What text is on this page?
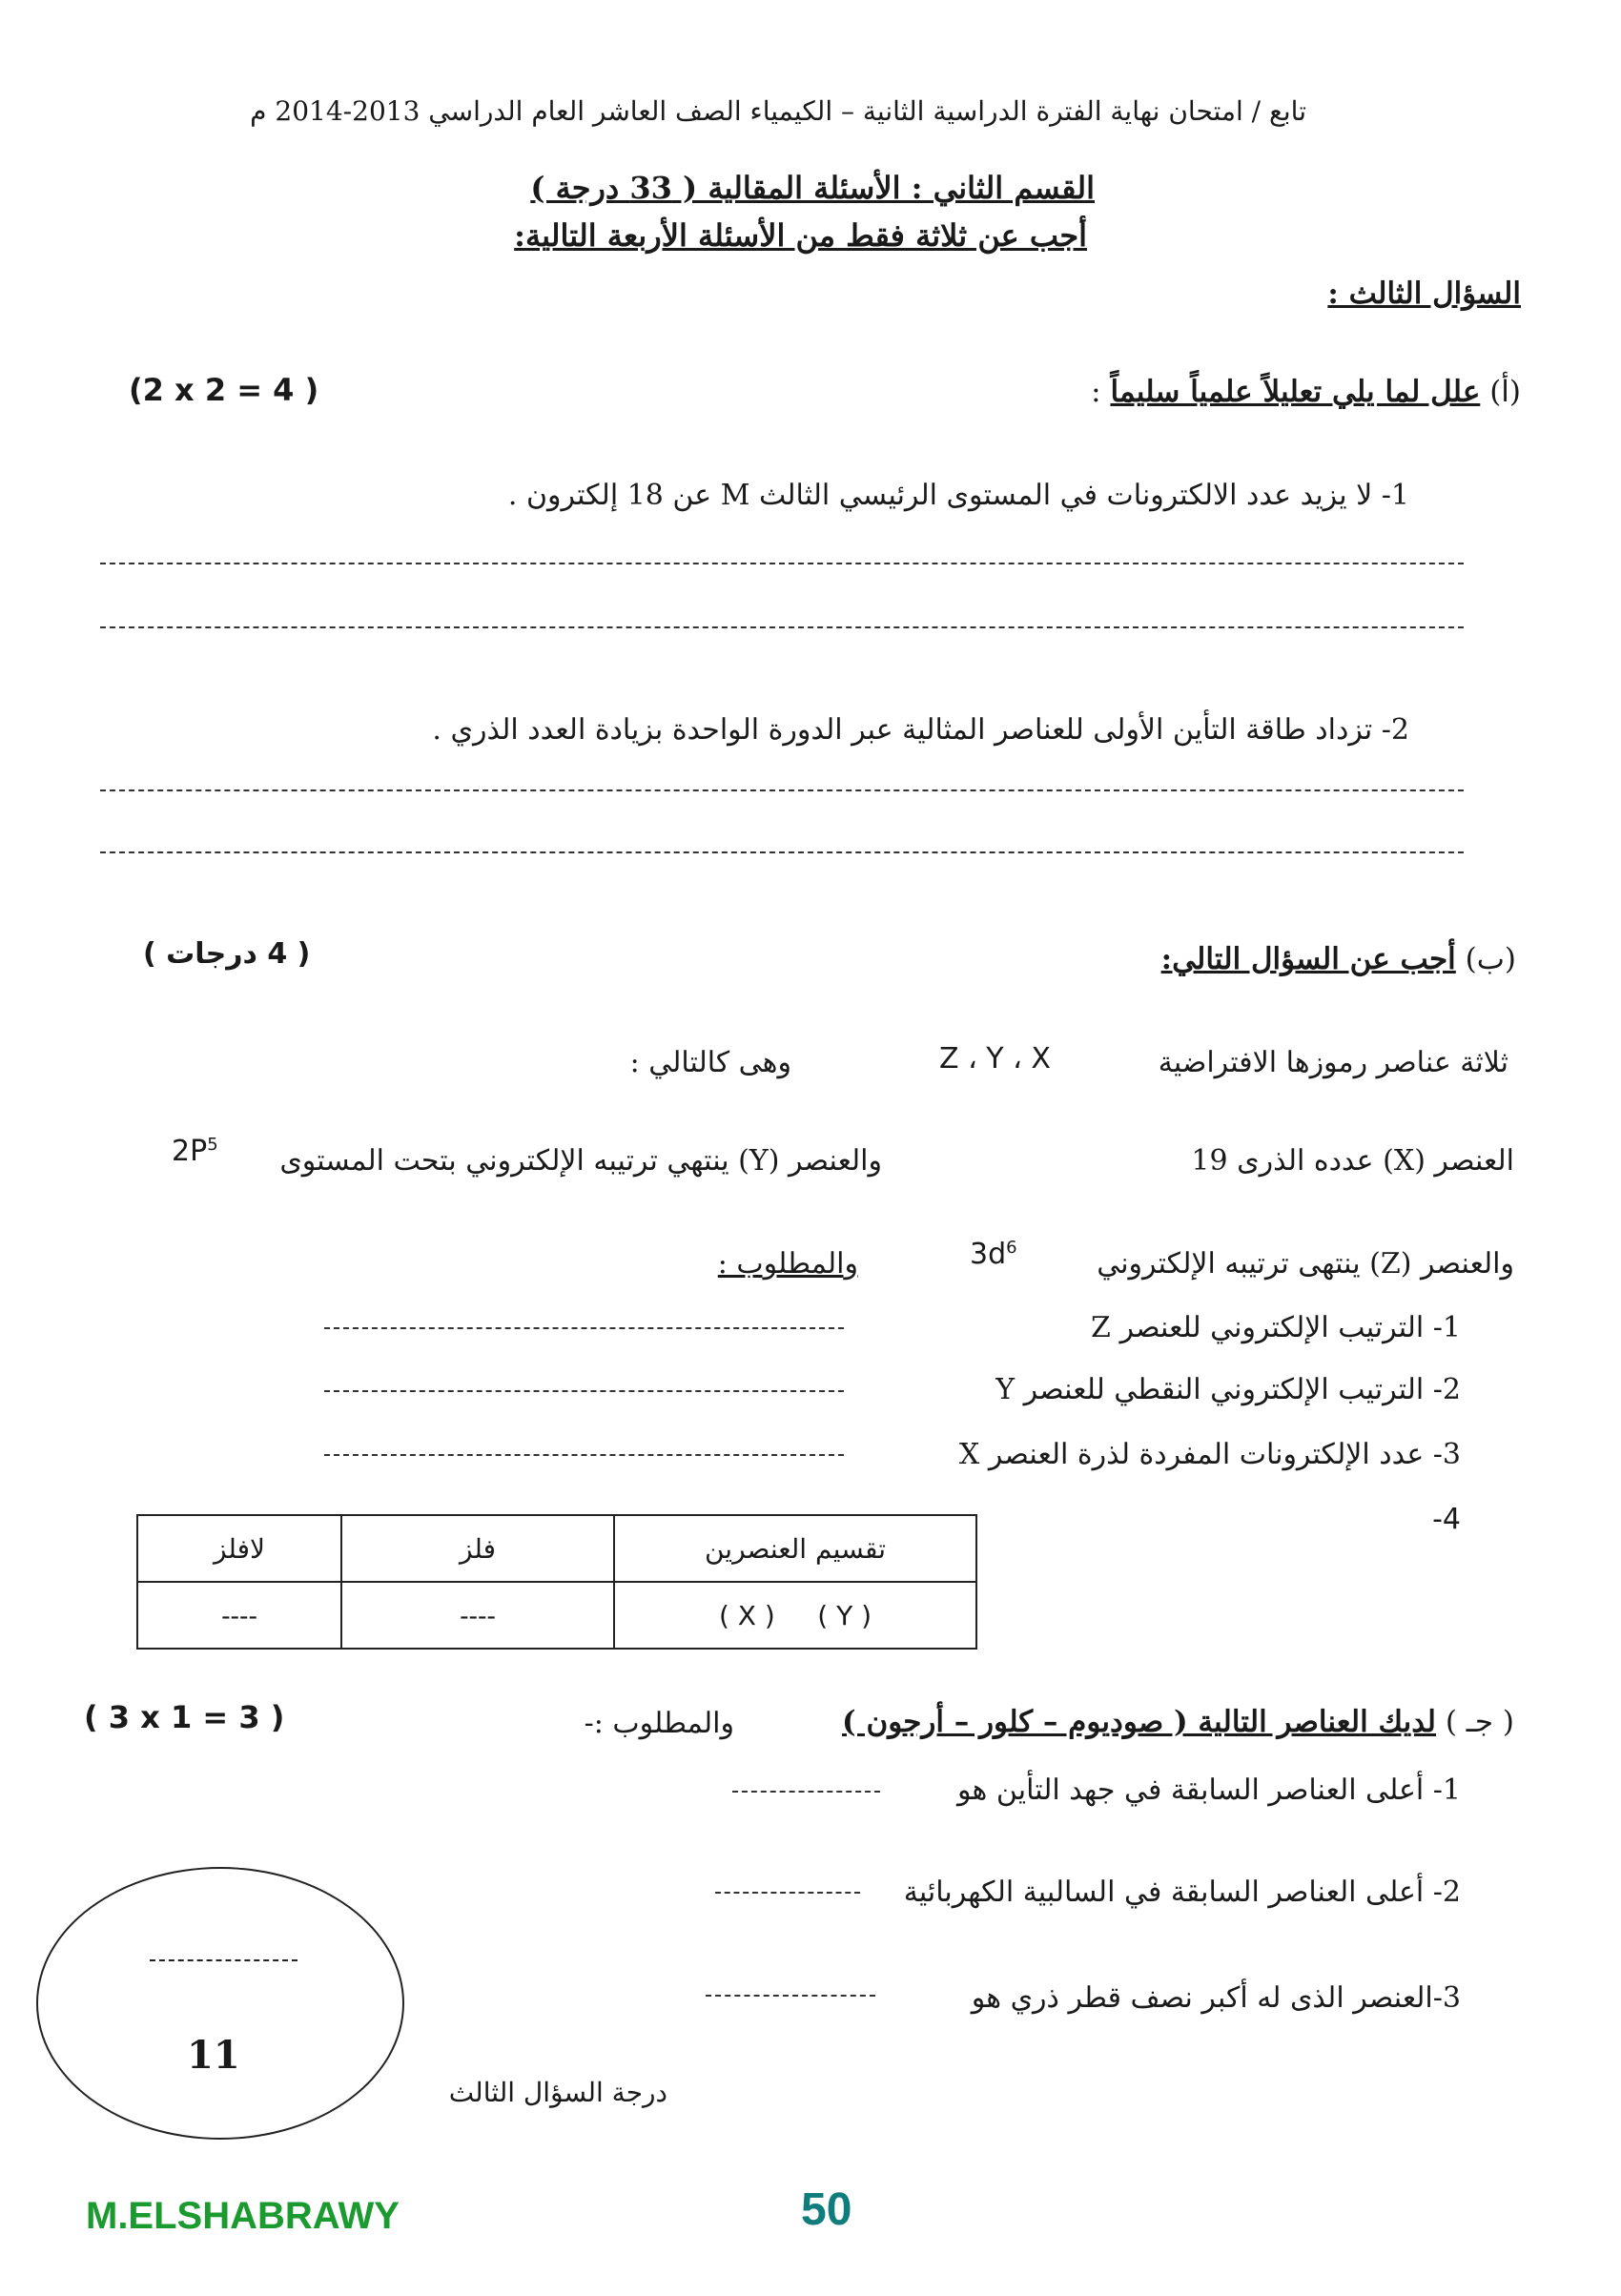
تابع / امتحان نهاية الفترة الدراسية الثانية – الكيمياء الصف العاشر العام الدراسي 2013-2014 م
القسم الثاني : الأسئلة المقالية ( 33 درجة )
أجب عن ثلاثة فقط من الأسئلة الأربعة التالية:
السؤال الثالث :
(أ) علل لما يلي تعليلاً علمياً سليماً :
(2 x 2 = 4 )
1- لا يزيد عدد الالكترونات في المستوى الرئيسي الثالث M عن 18 إلكترون .
2- تزداد طاقة التأين الأولى للعناصر المثالية عبر الدورة الواحدة بزيادة العدد الذري .
(ب) أجب عن السؤال التالي:
( 4 درجات )
ثلاثة عناصر رموزها الافتراضية
Z ، Y ، X
وهى كالتالي :
العنصر (X) عدده الذرى 19
والعنصر (Y) ينتهي ترتيبه الإلكتروني بتحت المستوى
$2P^5$
والعنصر (Z) ينتهى ترتيبه الإلكتروني
$3d^6$
والمطلوب :
1- الترتيب الإلكتروني للعنصر Z
2- الترتيب الإلكتروني النقطي للعنصر Y
3- عدد الإلكترونات المفردة لذرة العنصر X
-4
تقسيم العنصرين	فلز	لافلز
( Y )     ( X )	----	----
( جـ ) لديك العناصر التالية ( صوديوم – كلور – أرجون )
والمطلوب :-
( 3 x 1 = 3 )
1- أعلى العناصر السابقة في جهد التأين هو
2- أعلى العناصر السابقة في السالبية الكهربائية
3-العنصر الذى له أكبر نصف قطر ذري هو
11
درجة السؤال الثالث
M.ELSHABRAWY	50
